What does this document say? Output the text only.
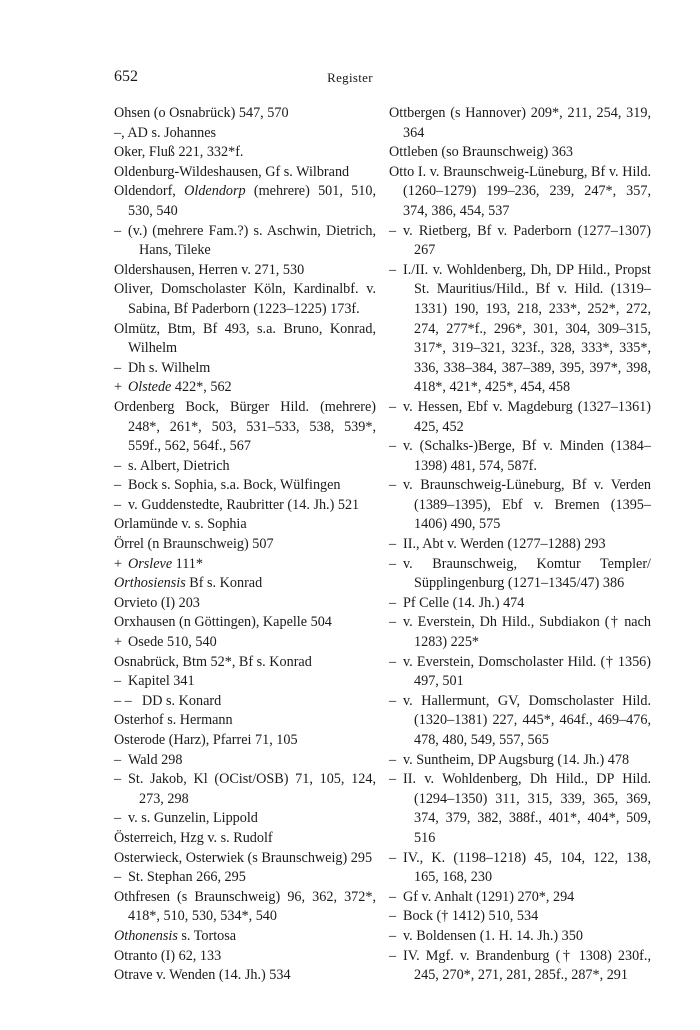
652	Register
Ohsen (o Osnabrück) 547, 570
–, AD s. Johannes
Oker, Fluß 221, 332*f.
Oldenburg-Wildeshausen, Gf s. Wilbrand
Oldendorf, Oldendorp (mehrere) 501, 510, 530, 540
– (v.) (mehrere Fam.?) s. Aschwin, Dietrich, Hans, Tileke
Oldershausen, Herren v. 271, 530
Oliver, Domscholaster Köln, Kardinalbf. v. Sabina, Bf Paderborn (1223–1225) 173f.
Olmütz, Btm, Bf 493, s.a. Bruno, Konrad, Wilhelm
– Dh s. Wilhelm
+ Olstede 422*, 562
Ordenberg Bock, Bürger Hild. (mehrere) 248*, 261*, 503, 531–533, 538, 539*, 559f., 562, 564f., 567
– s. Albert, Dietrich
– Bock s. Sophia, s.a. Bock, Wülfingen
– v. Guddenstedte, Raubritter (14. Jh.) 521
Orlamünde v. s. Sophia
Örrel (n Braunschweig) 507
+ Orsleve 111*
Orthosiensis Bf s. Konrad
Orvieto (I) 203
Orxhausen (n Göttingen), Kapelle 504
+ Osede 510, 540
Osnabrück, Btm 52*, Bf s. Konrad
– Kapitel 341
– – DD s. Konard
Osterhof s. Hermann
Osterode (Harz), Pfarrei 71, 105
– Wald 298
– St. Jakob, Kl (OCist/OSB) 71, 105, 124, 273, 298
– v. s. Gunzelin, Lippold
Österreich, Hzg v. s. Rudolf
Osterwieck, Osterwiek (s Braunschweig) 295
– St. Stephan 266, 295
Othfresen (s Braunschweig) 96, 362, 372*, 418*, 510, 530, 534*, 540
Othonensis s. Tortosa
Otranto (I) 62, 133
Otrave v. Wenden (14. Jh.) 534
Ottbergen (s Hannover) 209*, 211, 254, 319, 364
Ottleben (so Braunschweig) 363
Otto I. v. Braunschweig-Lüneburg, Bf v. Hild. (1260–1279) 199–236, 239, 247*, 357, 374, 386, 454, 537
– v. Rietberg, Bf v. Paderborn (1277–1307) 267
– I./II. v. Wohldenberg, Dh, DP Hild., Propst St. Mauritius/Hild., Bf v. Hild. (1319–1331) 190, 193, 218, 233*, 252*, 272, 274, 277*f., 296*, 301, 304, 309–315, 317*, 319–321, 323f., 328, 333*, 335*, 336, 338–384, 387–389, 395, 397*, 398, 418*, 421*, 425*, 454, 458
– v. Hessen, Ebf v. Magdeburg (1327–1361) 425, 452
– v. (Schalks-)Berge, Bf v. Minden (1384–1398) 481, 574, 587f.
– v. Braunschweig-Lüneburg, Bf v. Verden (1389–1395), Ebf v. Bremen (1395–1406) 490, 575
– II., Abt v. Werden (1277–1288) 293
– v. Braunschweig, Komtur Templer/ Süpplingenburg (1271–1345/47) 386
– Pf Celle (14. Jh.) 474
– v. Everstein, Dh Hild., Subdiakon († nach 1283) 225*
– v. Everstein, Domscholaster Hild. († 1356) 497, 501
– v. Hallermunt, GV, Domscholaster Hild. (1320–1381) 227, 445*, 464f., 469–476, 478, 480, 549, 557, 565
– v. Suntheim, DP Augsburg (14. Jh.) 478
– II. v. Wohldenberg, Dh Hild., DP Hild. (1294–1350) 311, 315, 339, 365, 369, 374, 379, 382, 388f., 401*, 404*, 509, 516
– IV., K. (1198–1218) 45, 104, 122, 138, 165, 168, 230
– Gf v. Anhalt (1291) 270*, 294
– Bock († 1412) 510, 534
– v. Boldensen (1. H. 14. Jh.) 350
– IV. Mgf. v. Brandenburg († 1308) 230f., 245, 270*, 271, 281, 285f., 287*, 291
